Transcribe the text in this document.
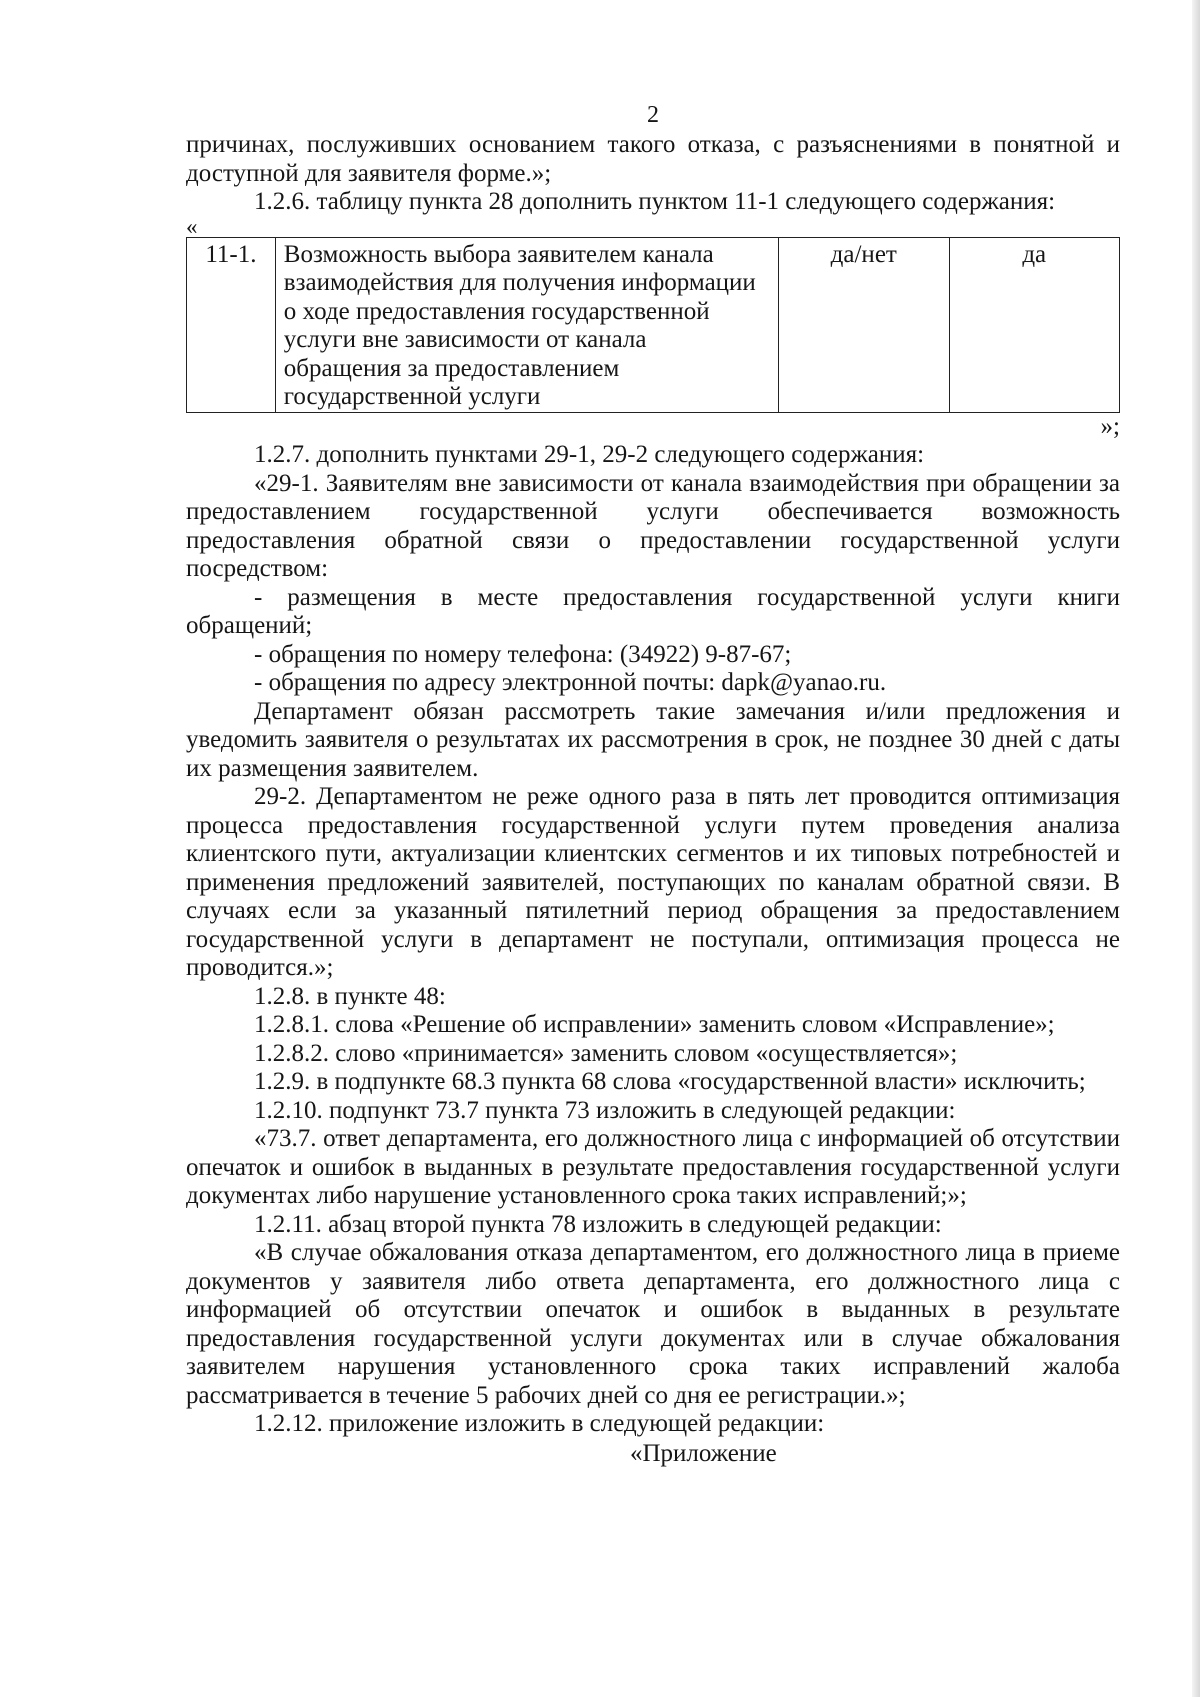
2

причинах, послуживших основанием такого отказа, с разъяснениями в понятной и доступной для заявителя форме.»;

1.2.6. таблицу пункта 28 дополнить пунктом 11-1 следующего содержания:

«
11-1.	Возможность выбора заявителем канала взаимодействия для получения информации о ходе предоставления государственной услуги вне зависимости от канала обращения за предоставлением государственной услуги	да/нет	да

»;

1.2.7. дополнить пунктами 29-1, 29-2 следующего содержания:

«29-1. Заявителям вне зависимости от канала взаимодействия при обращении за предоставлением государственной услуги обеспечивается возможность предоставления обратной связи о предоставлении государственной услуги посредством:

- размещения в месте предоставления государственной услуги книги обращений;

- обращения по номеру телефона: (34922) 9-87-67;

- обращения по адресу электронной почты: dapk@yanao.ru.

Департамент обязан рассмотреть такие замечания и/или предложения и уведомить заявителя о результатах их рассмотрения в срок, не позднее 30 дней с даты их размещения заявителем.

29-2. Департаментом не реже одного раза в пять лет проводится оптимизация процесса предоставления государственной услуги путем проведения анализа клиентского пути, актуализации клиентских сегментов и их типовых потребностей и применения предложений заявителей, поступающих по каналам обратной связи. В случаях если за указанный пятилетний период обращения за предоставлением государственной услуги в департамент не поступали, оптимизация процесса не проводится.»;

1.2.8. в пункте 48:

1.2.8.1. слова «Решение об исправлении» заменить словом «Исправление»;

1.2.8.2. слово «принимается» заменить словом «осуществляется»;

1.2.9. в подпункте 68.3 пункта 68 слова «государственной власти» исключить;

1.2.10. подпункт 73.7 пункта 73 изложить в следующей редакции:

«73.7. ответ департамента, его должностного лица с информацией об отсутствии опечаток и ошибок в выданных в результате предоставления государственной услуги документах либо нарушение установленного срока таких исправлений;»;

1.2.11. абзац второй пункта 78 изложить в следующей редакции:

«В случае обжалования отказа департаментом, его должностного лица в приеме документов у заявителя либо ответа департамента, его должностного лица с информацией об отсутствии опечаток и ошибок в выданных в результате предоставления государственной услуги документах или в случае обжалования заявителем нарушения установленного срока таких исправлений жалоба рассматривается в течение 5 рабочих дней со дня ее регистрации.»;

1.2.12. приложение изложить в следующей редакции:

«Приложение
